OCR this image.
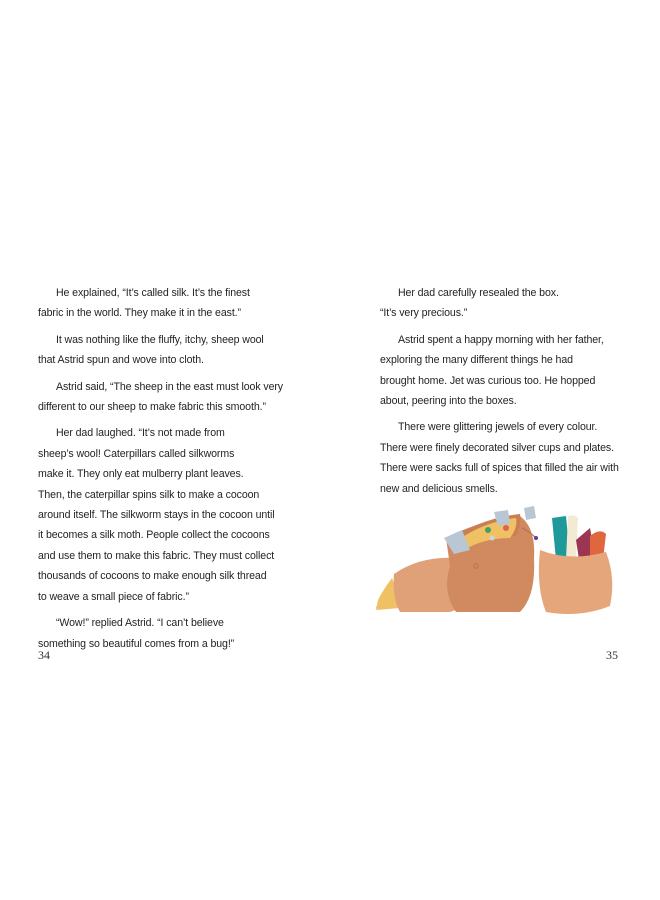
He explained, “It’s called silk. It’s the finest
fabric in the world. They make it in the east.”

It was nothing like the fluffy, itchy, sheep wool
that Astrid spun and wove into cloth.

Astrid said, “The sheep in the east must look very
different to our sheep to make fabric this smooth.”

Her dad laughed. “It’s not made from
sheep’s wool! Caterpillars called silkworms
make it. They only eat mulberry plant leaves.
Then, the caterpillar spins silk to make a cocoon
around itself. The silkworm stays in the cocoon until
it becomes a silk moth. People collect the cocoons
and use them to make this fabric. They must collect
thousands of cocoons to make enough silk thread
to weave a small piece of fabric.”

“Wow!” replied Astrid. “I can’t believe
something so beautiful comes from a bug!”

34

Her dad carefully resealed the box.
“It’s very precious.”

Astrid spent a happy morning with her father,
exploring the many different things he had
brought home. Jet was curious too. He hopped
about, peering into the boxes.

There were glittering jewels of every colour.
There were finely decorated silver cups and plates.
There were sacks full of spices that filled the air with
new and delicious smells.

35
